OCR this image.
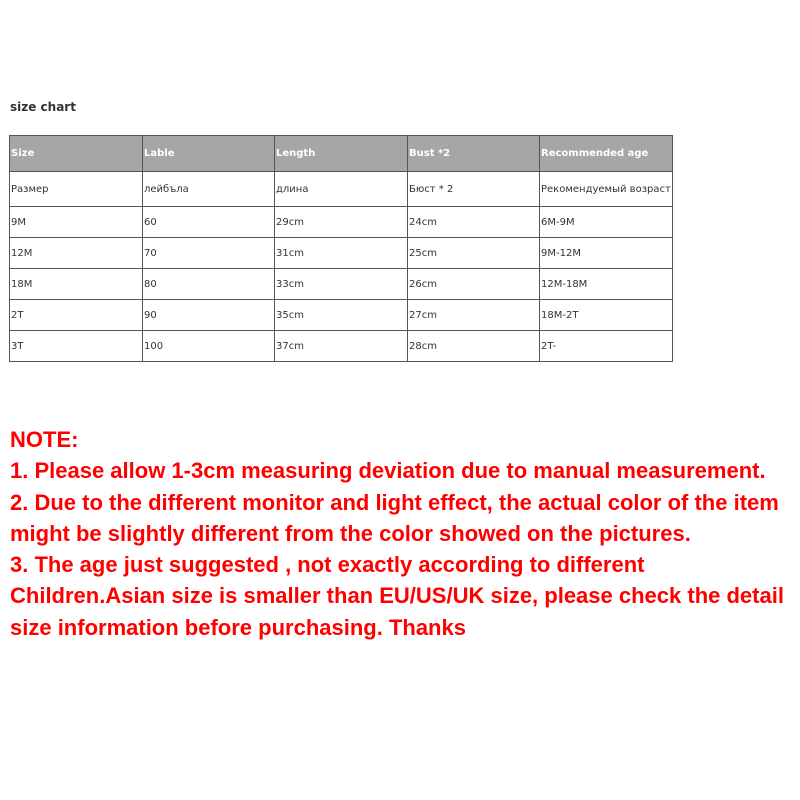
size chart
Size	Lable	Length	Bust *2	Recommended age
Размер	лейбъла	длина	Бюст * 2	Рекомендуемый возраст
9M	60	29cm	24cm	6M-9M
12M	70	31cm	25cm	9M-12M
18M	80	33cm	26cm	12M-18M
2T	90	35cm	27cm	18M-2T
3T	100	37cm	28cm	2T-

NOTE:

1. Please allow 1-3cm measuring deviation due to manual measurement.

2. Due to the different monitor and light effect, the actual color of the item might be slightly different from the color showed on the pictures.

3. The age just suggested , not exactly according to different Children.Asian size is smaller than EU/US/UK size, please check the detail size information before purchasing. Thanks
